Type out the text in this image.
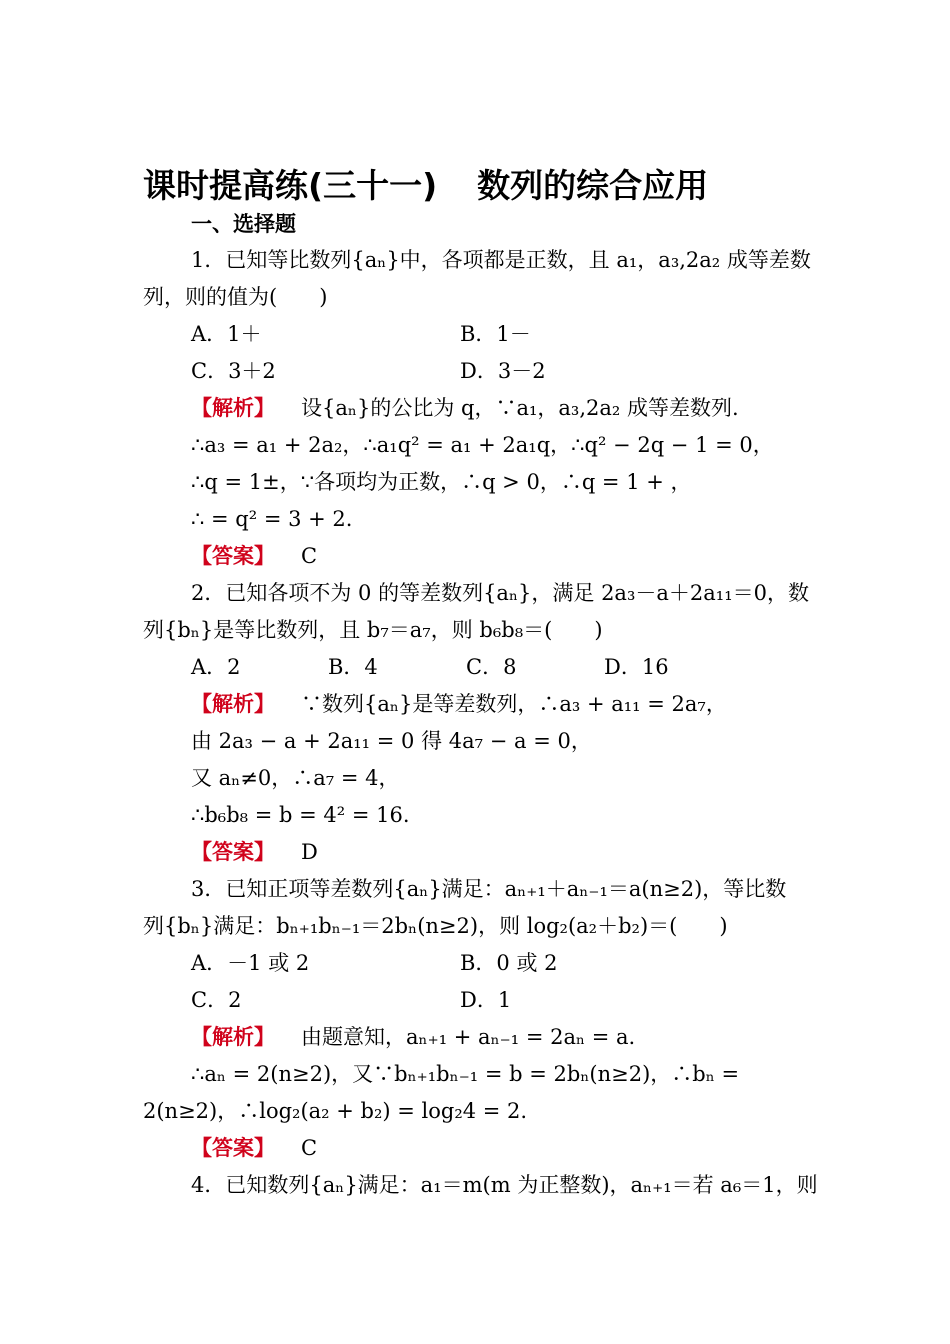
课时提高练(三十一) 数列的综合应用
一、选择题
1．已知等比数列{aₙ}中，各项都是正数，且 a₁，a₃,2a₂ 成等差数
列，则的值为(　　)
A．1＋	B．1－
C．3＋2	D．3－2
【解析】 设{aₙ}的公比为 q，∵a₁，a₃,2a₂ 成等差数列.
∴a₃ = a₁ + 2a₂，∴a₁q² = a₁ + 2a₁q，∴q² − 2q − 1 = 0，
∴q = 1±，∵各项均为正数，∴q > 0，∴q = 1 + ，
∴ = q² = 3 + 2.
【答案】 C
2．已知各项不为 0 的等差数列{aₙ}，满足 2a₃－a＋2a₁₁＝0，数
列{bₙ}是等比数列，且 b₇＝a₇，则 b₆b₈＝(　　)
A．2	B．4	C．8	D．16
【解析】 ∵数列{aₙ}是等差数列，∴a₃ + a₁₁ = 2a₇，
由 2a₃ − a + 2a₁₁ = 0 得 4a₇ − a = 0，
又 aₙ≠0，∴a₇ = 4，
∴b₆b₈ = b = 4² = 16.
【答案】 D
3．已知正项等差数列{aₙ}满足：aₙ₊₁＋aₙ₋₁＝a(n≥2)，等比数
列{bₙ}满足：bₙ₊₁bₙ₋₁＝2bₙ(n≥2)，则 log₂(a₂＋b₂)＝(　　)
A．－1 或 2	B．0 或 2
C．2	D．1
【解析】 由题意知，aₙ₊₁ + aₙ₋₁ = 2aₙ = a.
∴aₙ = 2(n≥2)，又∵bₙ₊₁bₙ₋₁ = b = 2bₙ(n≥2)，∴bₙ =
2(n≥2)，∴log₂(a₂ + b₂) = log₂4 = 2.
【答案】 C
4．已知数列{aₙ}满足：a₁＝m(m 为正整数)，aₙ₊₁＝若 a₆＝1，则
